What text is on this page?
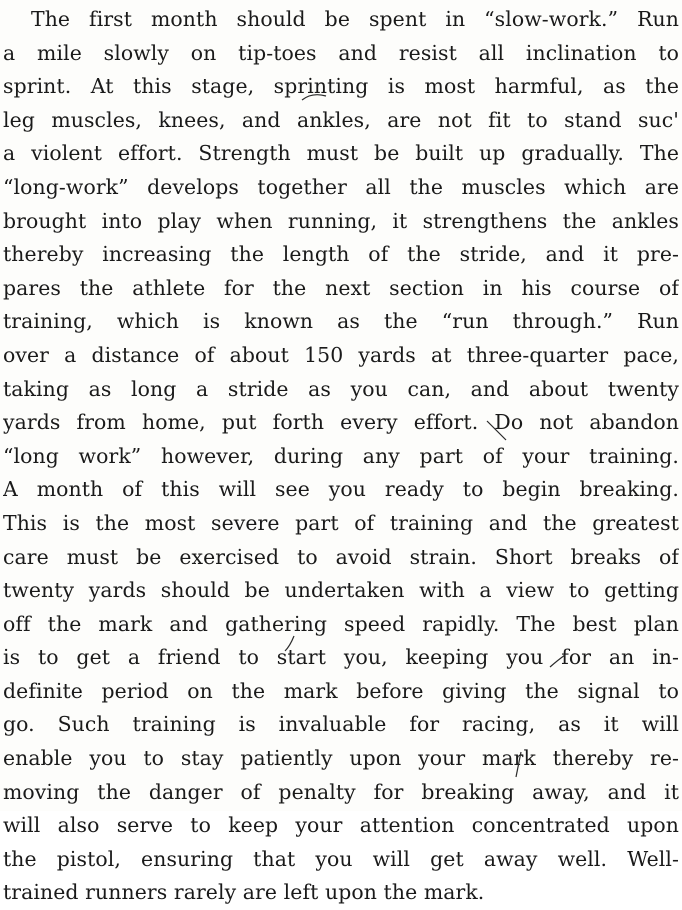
The first month should be spent in “slow-work.” Run
a mile slowly on tip-toes and resist all inclination to
sprint. At this stage, sprinting is most harmful, as the
leg muscles, knees, and ankles, are not fit to stand suc'
a violent effort. Strength must be built up gradually. The
“long-work” develops together all the muscles which are
brought into play when running, it strengthens the ankles
thereby increasing the length of the stride, and it pre-
pares the athlete for the next section in his course of
training, which is known as the “run through.” Run
over a distance of about 150 yards at three-quarter pace,
taking as long a stride as you can, and about twenty
yards from home, put forth every effort. Do not abandon
“long work” however, during any part of your training.
A month of this will see you ready to begin breaking.
This is the most severe part of training and the greatest
care must be exercised to avoid strain. Short breaks of
twenty yards should be undertaken with a view to getting
off the mark and gathering speed rapidly. The best plan
is to get a friend to start you, keeping you for an in-
definite period on the mark before giving the signal to
go. Such training is invaluable for racing, as it will
enable you to stay patiently upon your mark thereby re-
moving the danger of penalty for breaking away, and it
will also serve to keep your attention concentrated upon
the pistol, ensuring that you will get away well. Well-
trained runners rarely are left upon the mark.
